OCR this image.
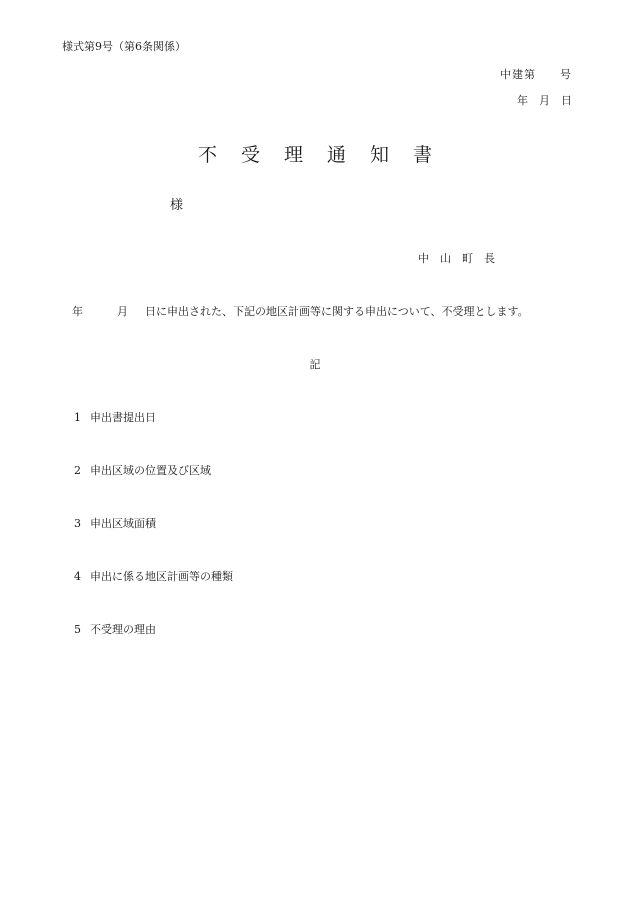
様式第9号（第6条関係）
中建第　　号
年　月　日
不 受 理 通 知 書
様
中 山 町 長
年	月 日に申出された、下記の地区計画等に関する申出について、不受理とします。
記
1 申出書提出日
2 申出区域の位置及び区域
3 申出区域面積
4 申出に係る地区計画等の種類
5 不受理の理由
